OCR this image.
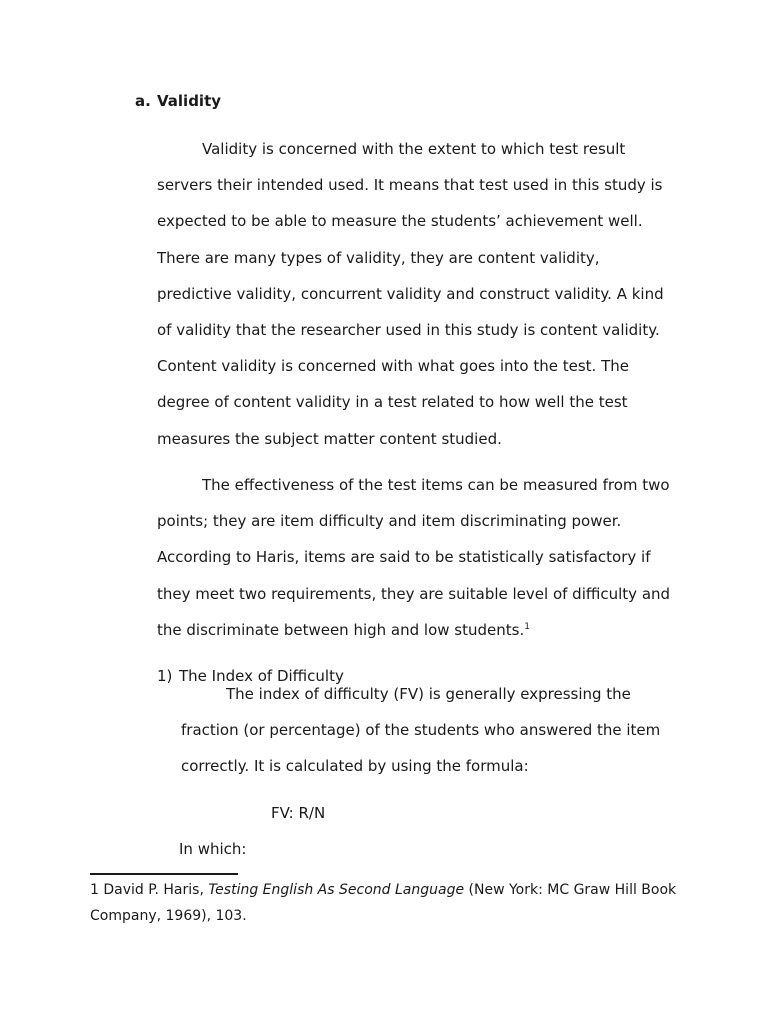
a. Validity
Validity is concerned with the extent to which test result
servers their intended used. It means that test used in this study is
expected to be able to measure the students’ achievement well.
There are many types of validity, they are content validity,
predictive validity, concurrent validity and construct validity. A kind
of validity that the researcher used in this study is content validity.
Content validity is concerned with what goes into the test. The
degree of content validity in a test related to how well the test
measures the subject matter content studied.
The effectiveness of the test items can be measured from two
points; they are item difficulty and item discriminating power.
According to Haris, items are said to be statistically satisfactory if
they meet two requirements, they are suitable level of difficulty and
the discriminate between high and low students.$^1$
1) The Index of Difficulty
The index of difficulty (FV) is generally expressing the
fraction (or percentage) of the students who answered the item
correctly. It is calculated by using the formula:
FV: R/N
In which:
1 David P. Haris, Testing English As Second Language (New York: MC Graw Hill Book Company, 1969), 103.
